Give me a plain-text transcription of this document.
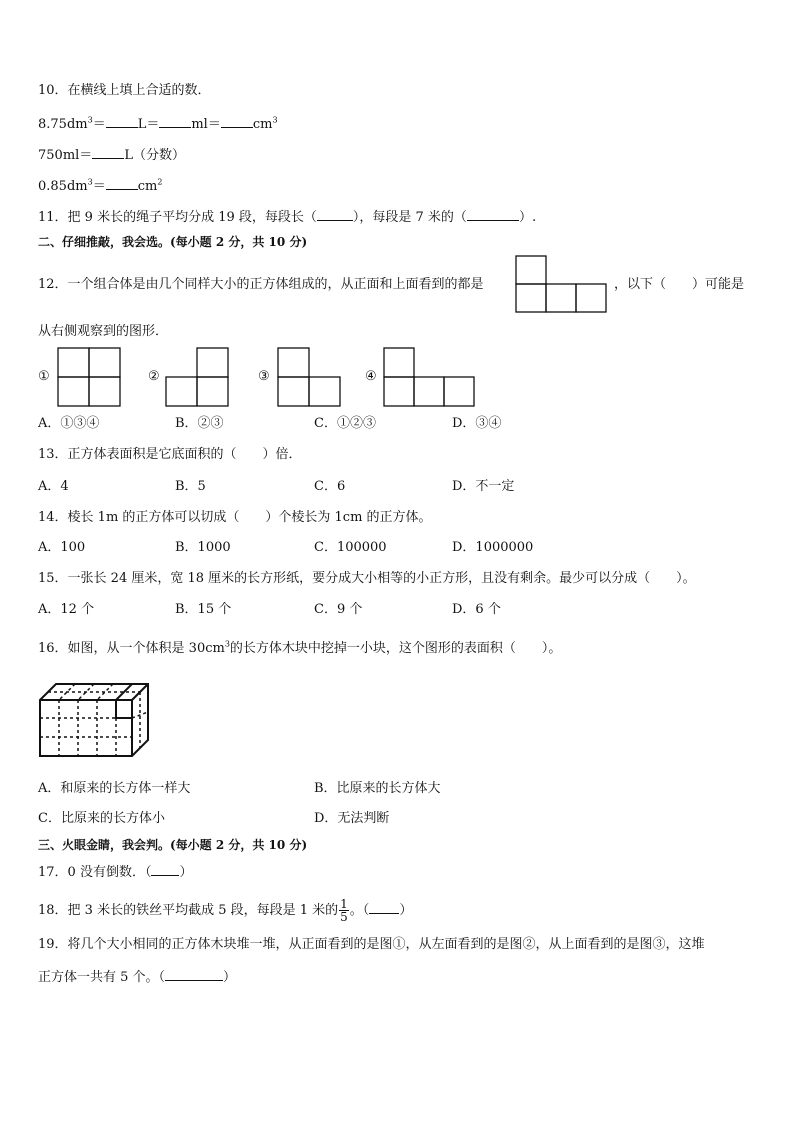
10．在横线上填上合适的数．
$8.75dm^3= L= ml= cm^3$
750ml＝ L（分数）
$0.85dm^3= cm^2$
11．把 9 米长的绳子平均分成 19 段，每段长（	），每段是 7 米的（	）.
二、仔细推敲，我会选。(每小题 2 分，共 10 分)
12．一个组合体是由几个同样大小的正方体组成的，从正面和上面看到的都是	，以下（　　）可能是
从右侧观察到的图形．
①	②	③	④
A．①③④	B．②③	C．①②③	D．③④
13．正方体表面积是它底面积的（　　）倍．
A．4	B．5	C．6	D．不一定
14．棱长 1m 的正方体可以切成（　　）个棱长为 1cm 的正方体。
A．100	B．1000	C．100000	D．1000000
15．一张长 24 厘米，宽 18 厘米的长方形纸，要分成大小相等的小正方形，且没有剩余。最少可以分成（　　）。
A．12 个	B．15 个	C．9 个	D．6 个
16．如图，从一个体积是 $30cm^3$的长方体木块中挖掉一小块，这个图形的表面积（　　）。
A．和原来的长方体一样大	B．比原来的长方体大
C．比原来的长方体小	D．无法判断
三、火眼金睛，我会判。(每小题 2 分，共 10 分)
17．0 没有倒数．（ ）
18．把 3 米长的铁丝平均截成 5 段，每段是 1 米的 $\frac{1}{5}$ 。（ ）
19．将几个大小相同的正方体木块堆一堆，从正面看到的是图①，从左面看到的是图②，从上面看到的是图③，这堆
正方体一共有 5 个。（	）
